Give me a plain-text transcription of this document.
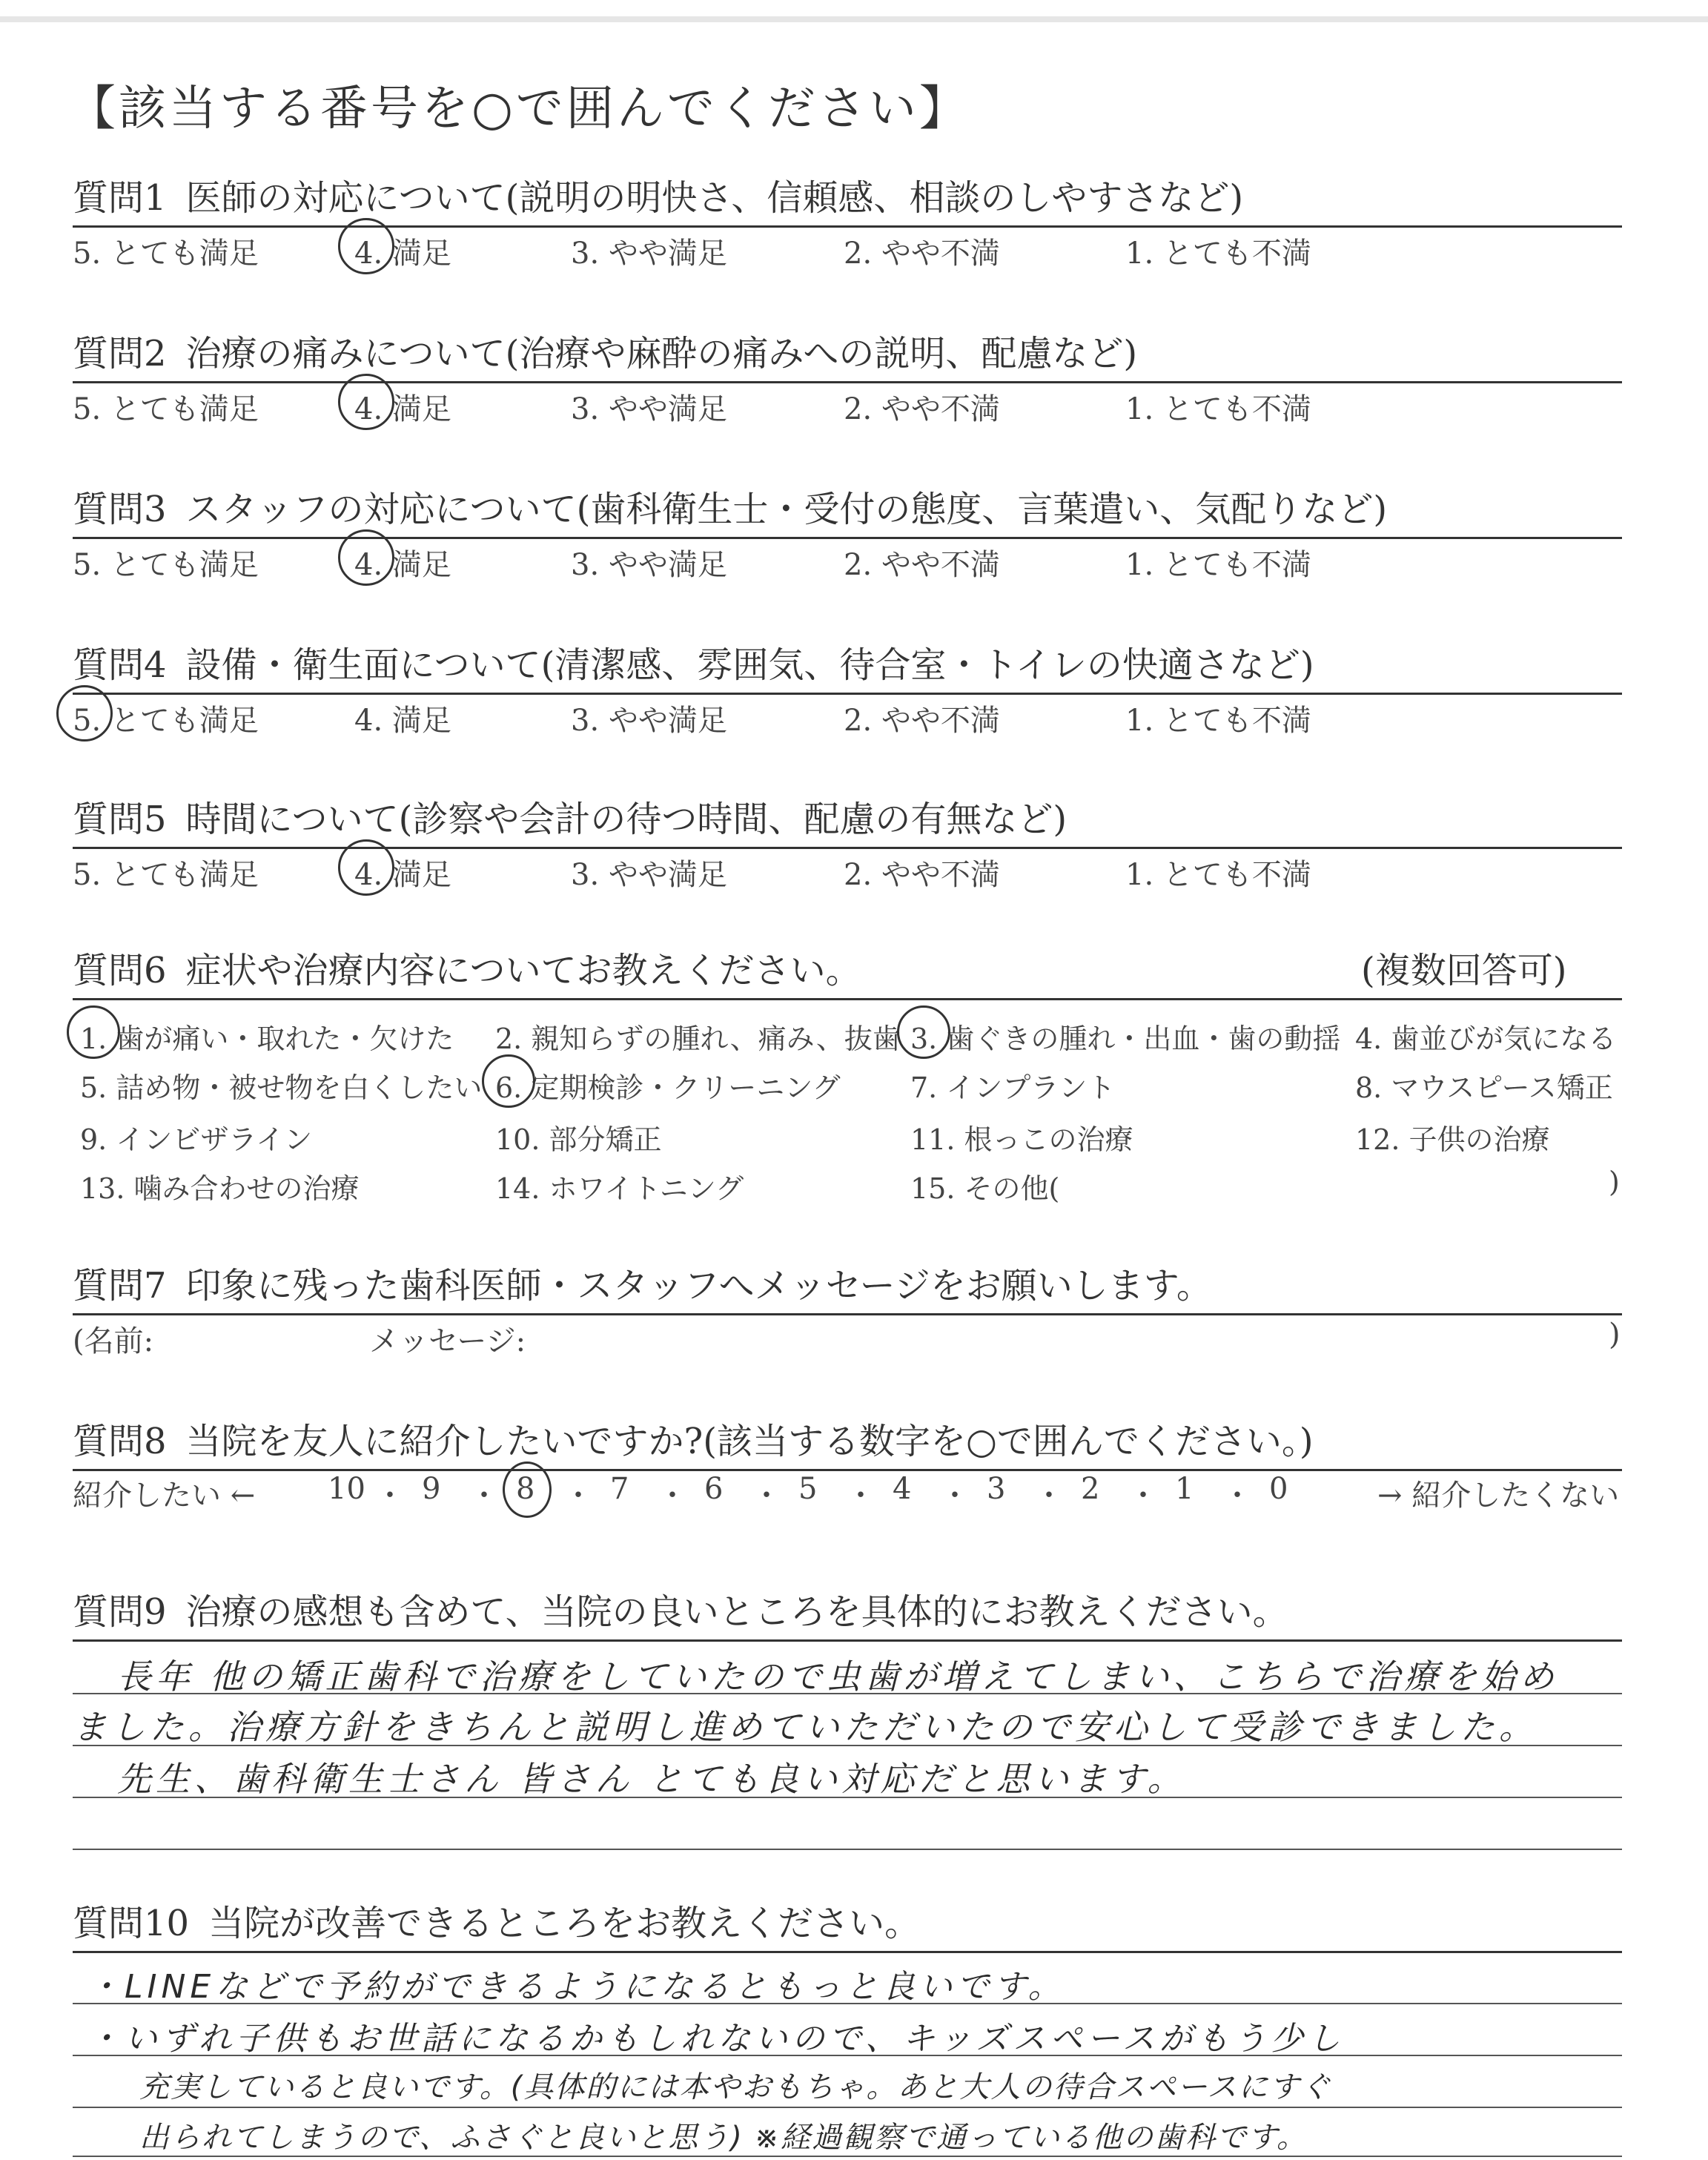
【該当する番号を○で囲んでください】
質問1 医師の対応について(説明の明快さ、信頼感、相談のしやすさなど)
5. とても満足	4. 満足	3. やや満足	2. やや不満	1. とても不満
質問2 治療の痛みについて(治療や麻酔の痛みへの説明、配慮など)
5. とても満足	4. 満足	3. やや満足	2. やや不満	1. とても不満
質問3 スタッフの対応について(歯科衛生士・受付の態度、言葉遣い、気配りなど)
5. とても満足	4. 満足	3. やや満足	2. やや不満	1. とても不満
質問4 設備・衛生面について(清潔感、雰囲気、待合室・トイレの快適さなど)
5. とても満足	4. 満足	3. やや満足	2. やや不満	1. とても不満
質問5 時間について(診察や会計の待つ時間、配慮の有無など)
5. とても満足	4. 満足	3. やや満足	2. やや不満	1. とても不満
質問6 症状や治療内容についてお教えください。	(複数回答可)
1. 歯が痛い・取れた・欠けた 2. 親知らずの腫れ、痛み、抜歯 3. 歯ぐきの腫れ・出血・歯の動揺 4. 歯並びが気になる
5. 詰め物・被せ物を白くしたい 6. 定期検診・クリーニング 7. インプラント	8. マウスピース矯正
9. インビザライン	10. 部分矯正	11. 根っこの治療	12. 子供の治療
13. 噛み合わせの治療	14. ホワイトニング	15. その他(	)
質問7 印象に残った歯科医師・スタッフへメッセージをお願いします。
(名前:	メッセージ:	)
質問8 当院を友人に紹介したいですか?(該当する数字を○で囲んでください。)
紹介したい ←	→ 紹介したくない
10 ・ 9 ・ 8 ・ 7 ・ 6 ・ 5 ・ 4 ・ 3 ・ 2 ・ 1 ・ 0
質問9 治療の感想も含めて、当院の良いところを具体的にお教えください。
長年 他の矯正歯科で治療をしていたので虫歯が増えてしまい、こちらで治療を始め
ました。治療方針をきちんと説明し進めていただいたので安心して受診できました。
先生、歯科衛生士さん 皆さん とても良い対応だと思います。
質問10 当院が改善できるところをお教えください。
・LINEなどで予約ができるようになるともっと良いです。
・いずれ子供もお世話になるかもしれないので、キッズスペースがもう少し
充実していると良いです。(具体的には本やおもちゃ。あと大人の待合スペースにすぐ
出られてしまうので、ふさぐと良いと思う) ※経過観察で通っている他の歯科です。
